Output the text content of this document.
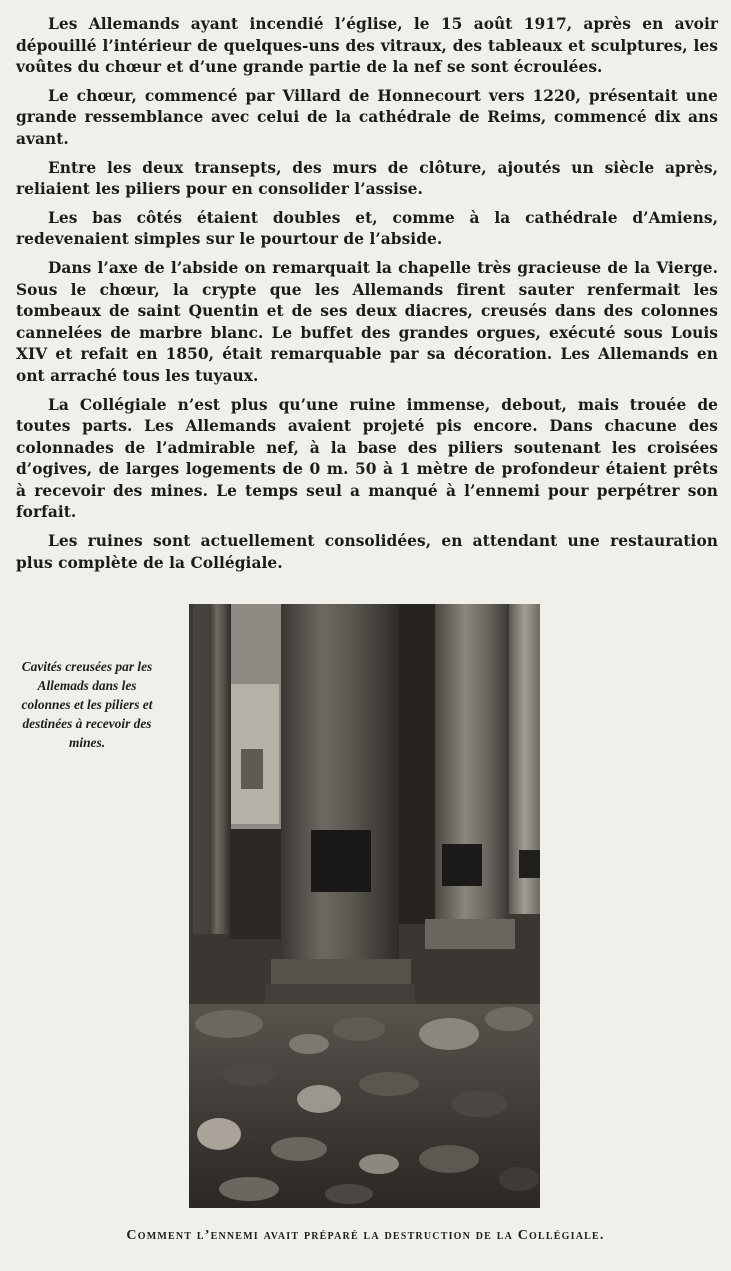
Les Allemands ayant incendié l’église, le 15 août 1917, après en avoir dépouillé l’intérieur de quelques-uns des vitraux, des tableaux et sculptures, les voûtes du chœur et d’une grande partie de la nef se sont écroulées.

Le chœur, commencé par Villard de Honnecourt vers 1220, présentait une grande ressemblance avec celui de la cathédrale de Reims, commencé dix ans avant.

Entre les deux transepts, des murs de clôture, ajoutés un siècle après, reliaient les piliers pour en consolider l’assise.

Les bas côtés étaient doubles et, comme à la cathédrale d’Amiens, redevenaient simples sur le pourtour de l’abside.

Dans l’axe de l’abside on remarquait la chapelle très gracieuse de la Vierge. Sous le chœur, la crypte que les Allemands firent sauter renfermait les tombeaux de saint Quentin et de ses deux diacres, creusés dans des colonnes cannelées de marbre blanc. Le buffet des grandes orgues, exécuté sous Louis XIV et refait en 1850, était remarquable par sa décoration. Les Allemands en ont arraché tous les tuyaux.

La Collégiale n’est plus qu’une ruine immense, debout, mais trouée de toutes parts. Les Allemands avaient projeté pis encore. Dans chacune des colonnades de l’admirable nef, à la base des piliers soutenant les croisées d’ogives, de larges logements de 0 m. 50 à 1 mètre de profondeur étaient prêts à recevoir des mines. Le temps seul a manqué à l’ennemi pour perpétrer son forfait.

Les ruines sont actuellement consolidées, en attendant une restauration plus complète de la Collégiale.

Cavités creusées par les Allemads dans les colonnes et les piliers et destinées à recevoir des mines.
Comment l’ennemi avait préparé la destruction de la Collégiale.
